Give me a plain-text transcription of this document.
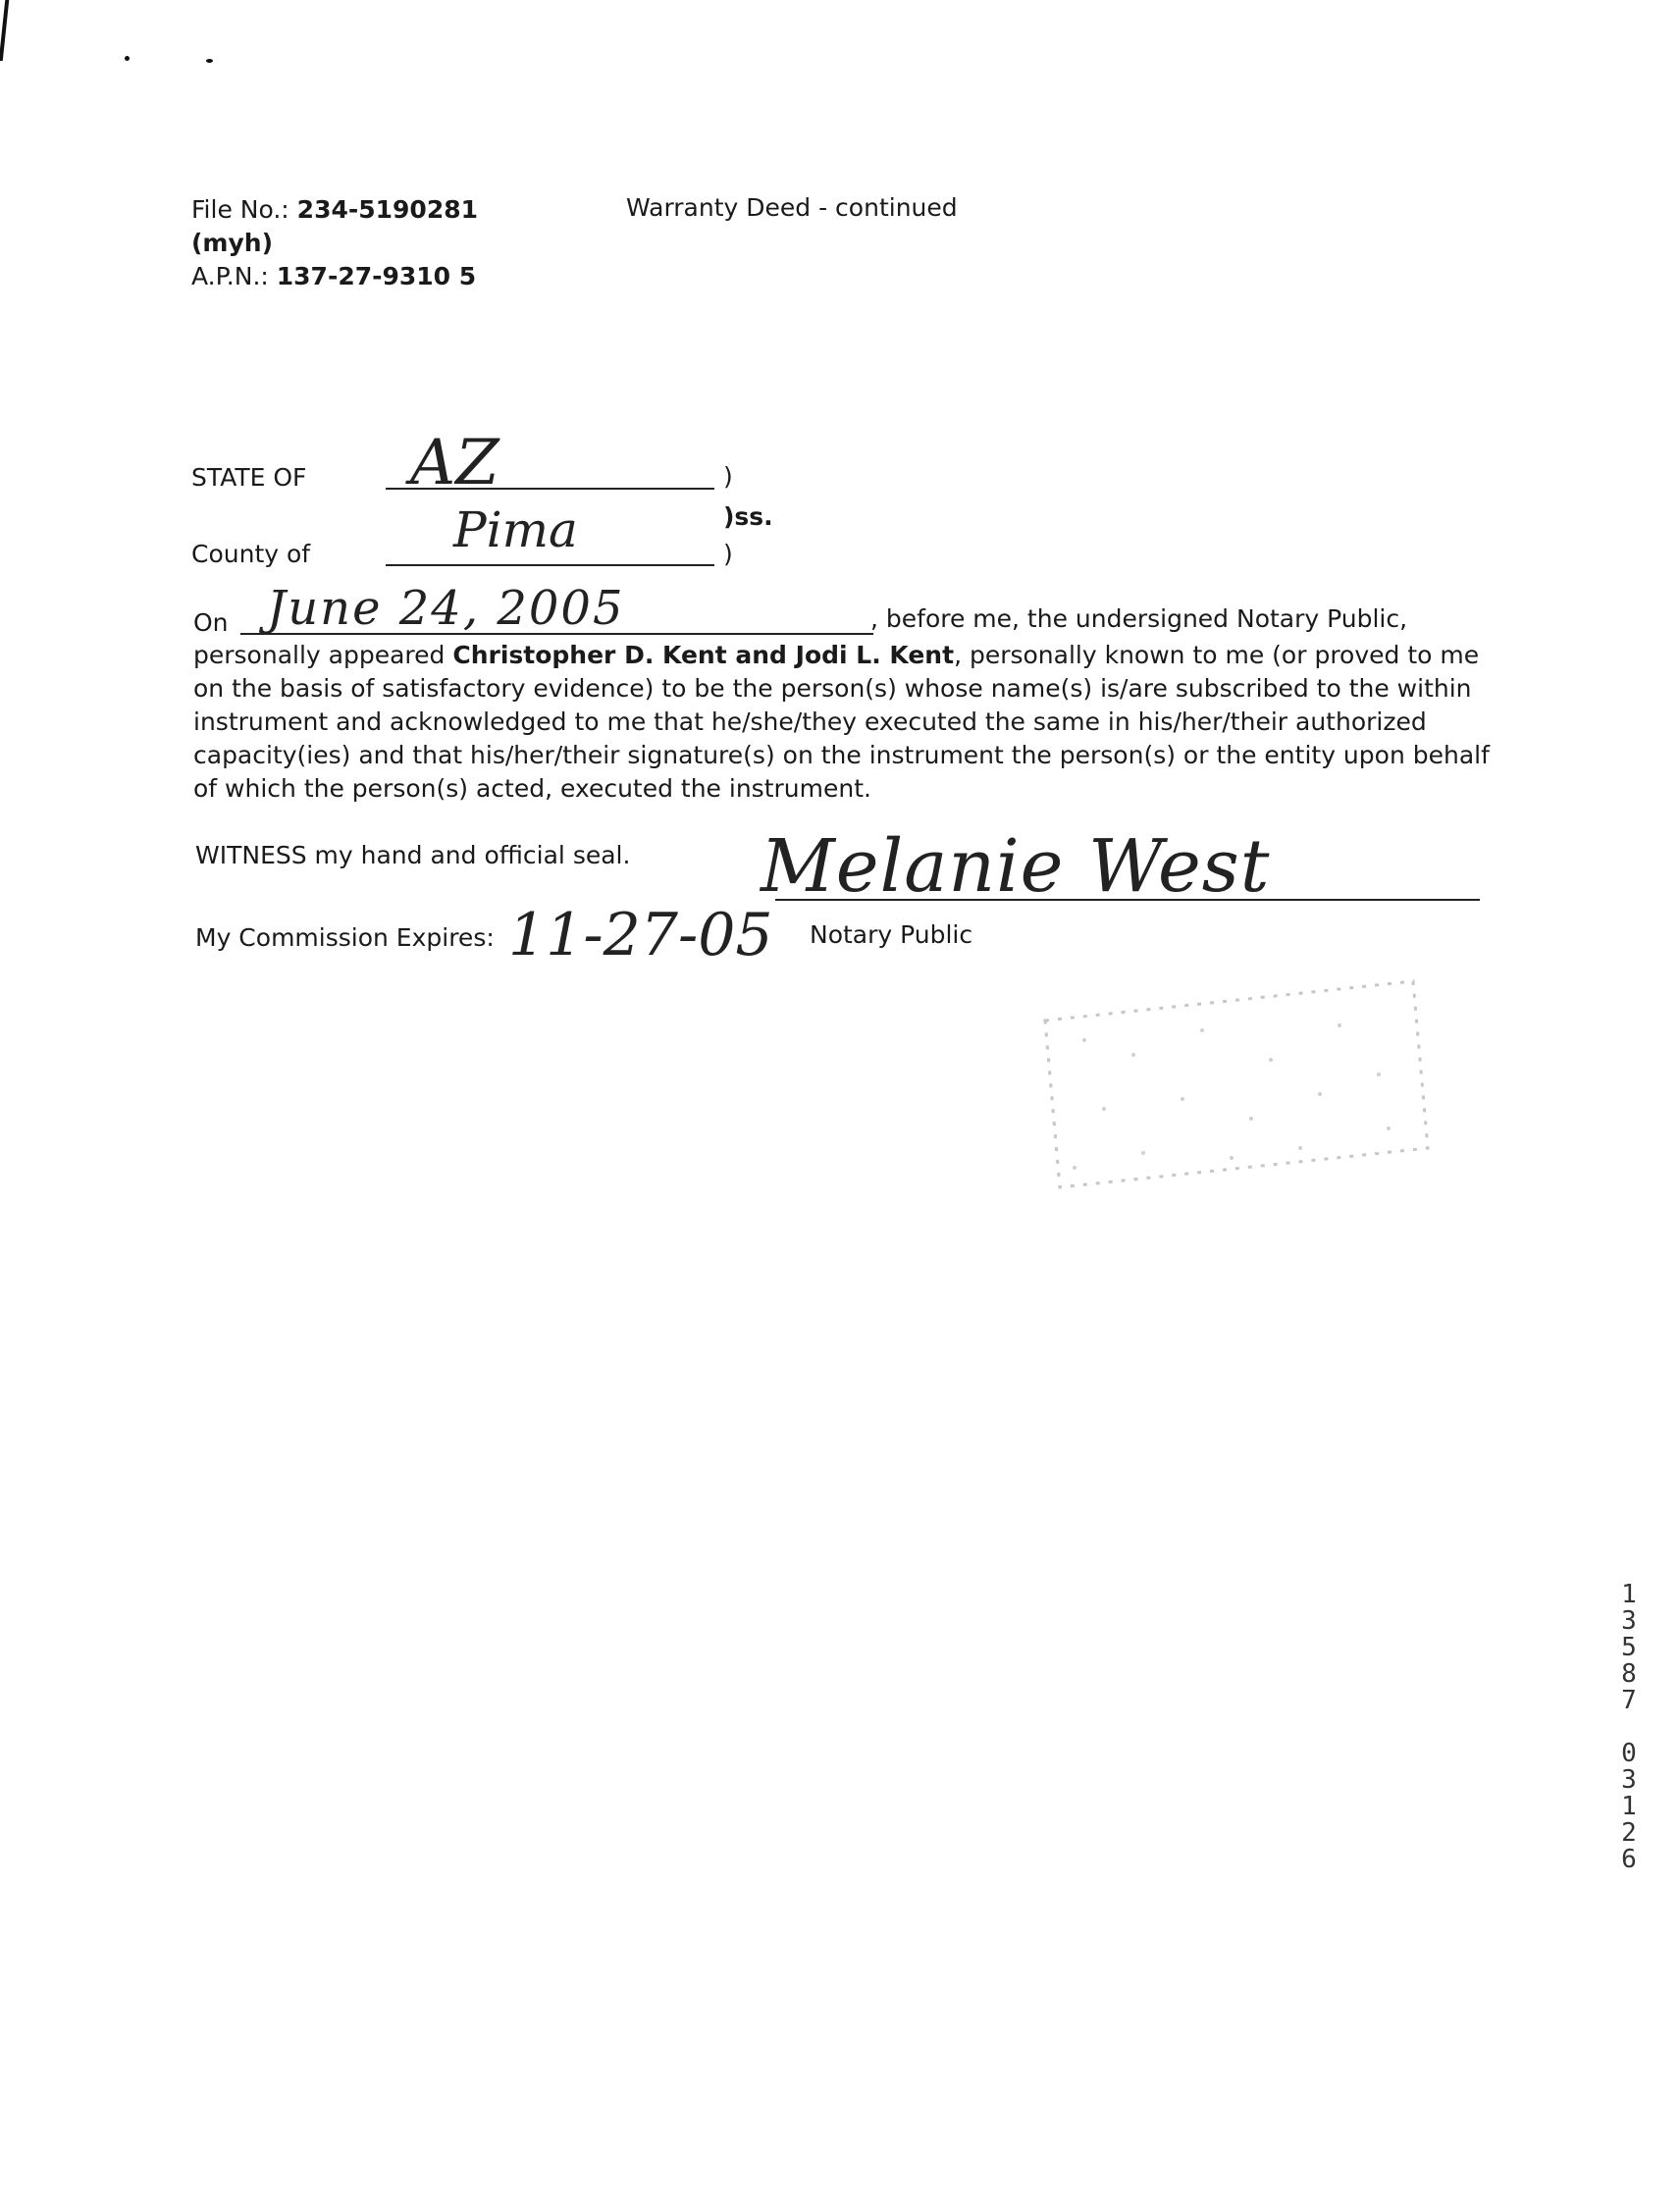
File No.: 234-5190281
(myh)
A.P.N.: 137-27-9310 5
Warranty Deed - continued
STATE OF AZ	)
)ss.
County of	Pima	)
On June 24, 2005	, before me, the undersigned Notary Public,
personally appeared Christopher D. Kent and Jodi L. Kent, personally known to me (or proved to me
on the basis of satisfactory evidence) to be the person(s) whose name(s) is/are subscribed to the within
instrument and acknowledged to me that he/she/they executed the same in his/her/their authorized
capacity(ies) and that his/her/their signature(s) on the instrument the person(s) or the entity upon behalf
of which the person(s) acted, executed the instrument.
WITNESS my hand and official seal. Melanie West
Notary Public
My Commission Expires: 11-27-05
1
3
5
8
7
0
3
1
2
6
